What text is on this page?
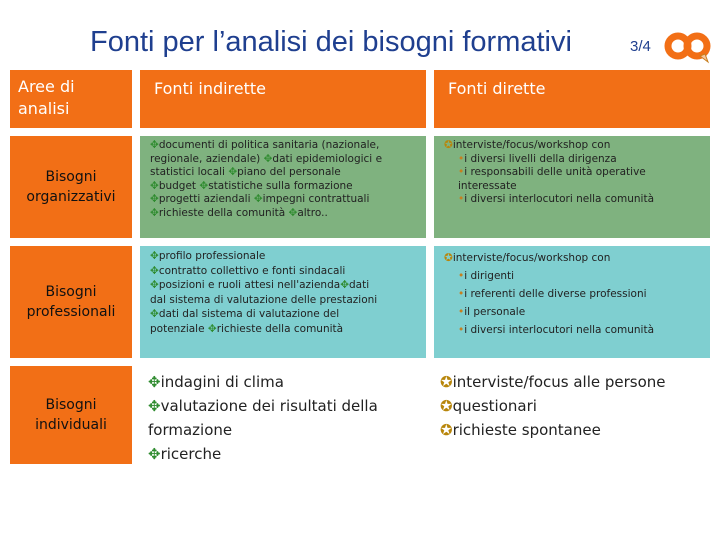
Fonti per l’analisi dei bisogni formativi	3/4
Aree di analisi
Fonti indirette	Fonti dirette
Bisogni organizzativi
✥documenti di politica sanitaria (nazionale,
regionale, aziendale) ✥dati epidemiologici e
statistici locali ✥piano del personale
✥budget ✥statistiche sulla formazione
✥progetti aziendali ✥impegni contrattuali
✥richieste della comunità ✥altro..
✪interviste/focus/workshop con
•i diversi livelli della dirigenza
•i responsabili delle unità operative
interessate
•i diversi interlocutori nella comunità
Bisogni professionali
✥profilo professionale
✥contratto collettivo e fonti sindacali
✥posizioni e ruoli attesi nell'azienda✥dati
dal sistema di valutazione delle prestazioni
✥dati dal sistema di valutazione del
potenziale ✥richieste della comunità
✪interviste/focus/workshop con
•i dirigenti
•i referenti delle diverse professioni
•il personale
•i diversi interlocutori nella comunità
Bisogni individuali
✥indagini di clima
✥valutazione dei risultati della
formazione
✥ricerche
✪interviste/focus alle persone
✪questionari
✪richieste spontanee
